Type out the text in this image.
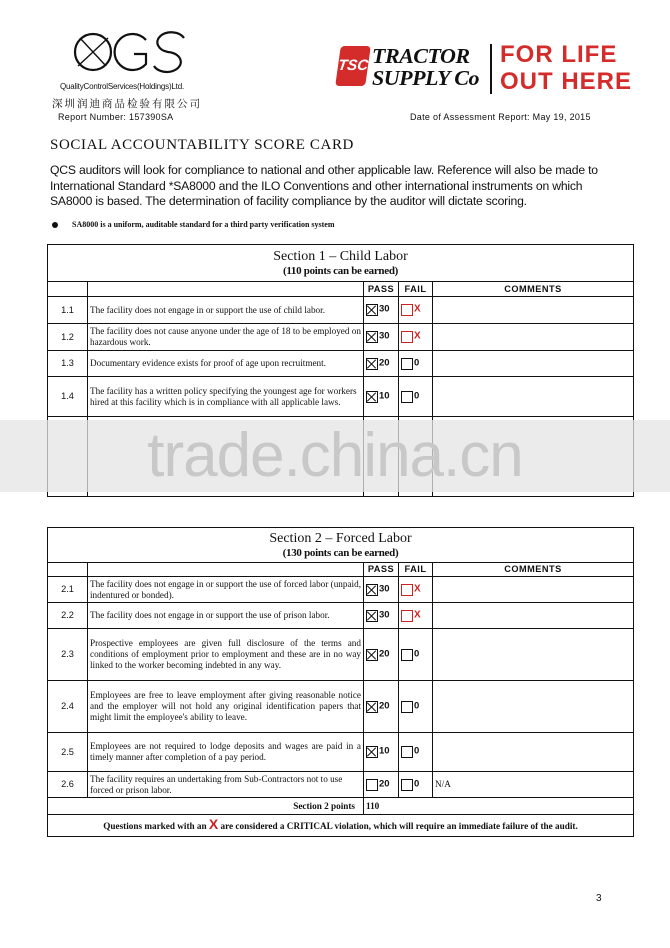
QualityControlServices(Holdings)Ltd.
深圳润迪商品检验有限公司
Report Number: 157390SA	Date of Assessment Report: May 19, 2015
TSC TRACTOR
SUPPLY Co
FOR LIFE
OUT HERE
SOCIAL ACCOUNTABILITY SCORE CARD
QCS auditors will look for compliance to national and other applicable law. Reference will also be made to International Standard *SA8000 and the ILO Conventions and other international instruments on which SA8000 is based. The determination of facility compliance by the auditor will dictate scoring.
SA8000 is a uniform, auditable standard for a third party verification system
Section 1 – Child Labor
(110 points can be earned)				

		PASS	FAIL	COMMENTS
1.1	The facility does not engage in or support the use of child labor.	30	X	
1.2	The facility does not cause anyone under the age of 18 to be employed on hazardous work.	30	X	
1.3	Documentary evidence exists for proof of age upon recruitment.	20	0	
1.4	The facility has a written policy specifying the youngest age for workers hired at this facility which is in compliance with all applicable laws.	10	0	

trade.china.cn
Section 2 – Forced Labor
(130 points can be earned)				

		PASS	FAIL	COMMENTS
2.1	The facility does not engage in or support the use of forced labor (unpaid, indentured or bonded).	30	X	
2.2	The facility does not engage in or support the use of prison labor.	30	X	
2.3	Prospective employees are given full disclosure of the terms and conditions of employment prior to employment and these are in no way linked to the worker becoming indebted in any way.	20	0	
2.4	Employees are free to leave employment after giving reasonable notice and the employer will not hold any original identification papers that might limit the employee's ability to leave.	20	0	
2.5	Employees are not required to lodge deposits and wages are paid in a timely manner after completion of a pay period.	10	0	
2.6	The facility requires an undertaking from Sub-Contractors not to use forced or prison labor.	20	0	N/A
Section 2 points		110		
Questions marked with an X are considered a CRITICAL violation, which will require an immediate failure of the audit.				
3
